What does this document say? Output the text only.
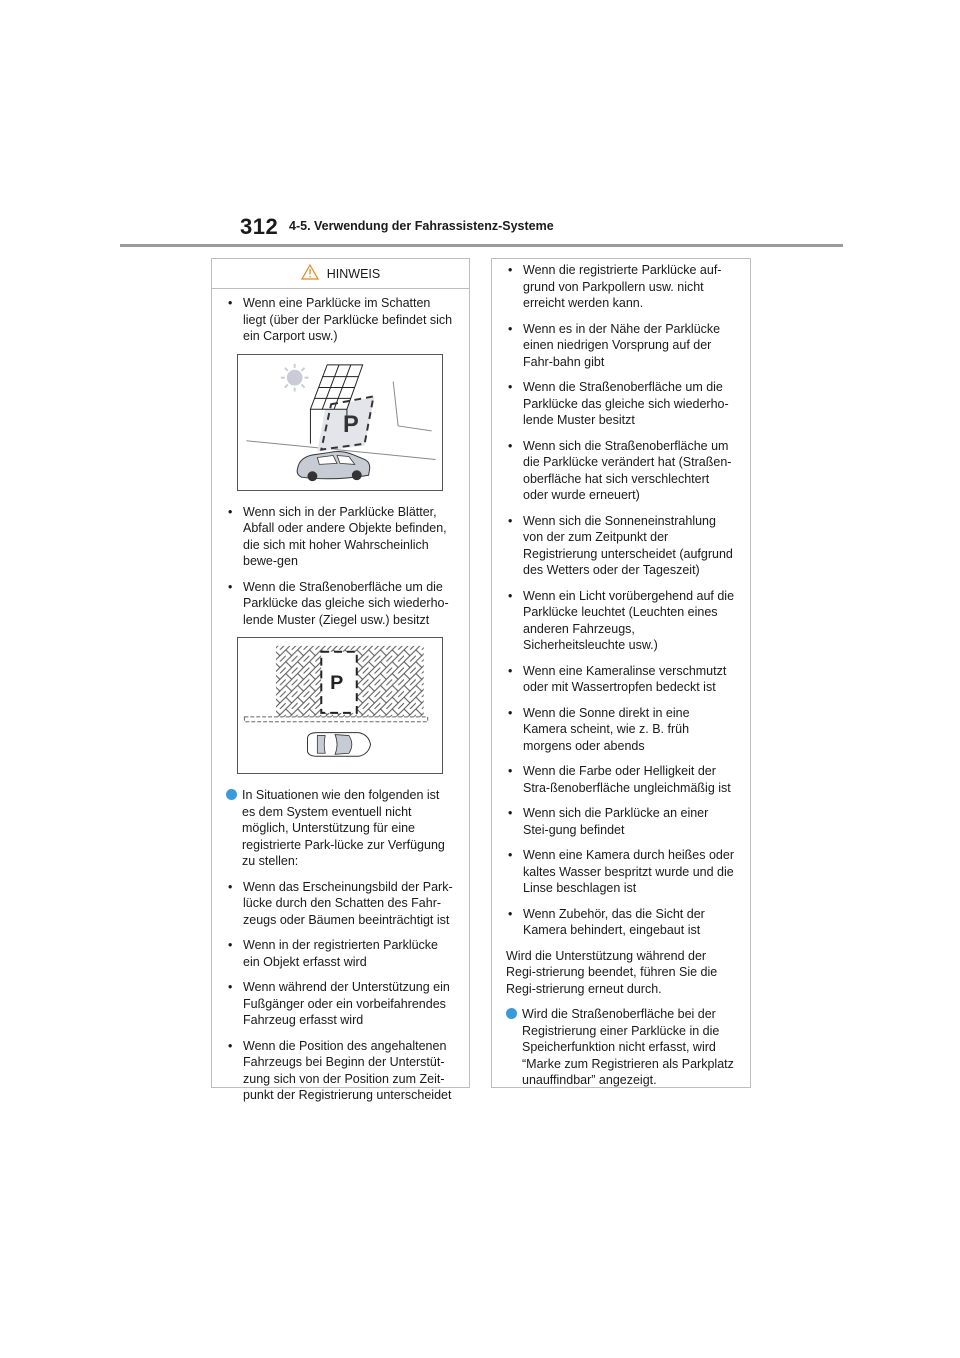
312 4-5. Verwendung der Fahrassistenz-Systeme
HINWEIS
• Wenn eine Parklücke im Schatten liegt (über der Parklücke befindet sich ein Carport usw.)
P
• Wenn sich in der Parklücke Blätter, Abfall oder andere Objekte befinden, die sich mit hoher Wahrscheinlich bewe-gen
• Wenn die Straßenoberfläche um die Parklücke das gleiche sich wiederho-lende Muster (Ziegel usw.) besitzt
P
In Situationen wie den folgenden ist es dem System eventuell nicht möglich, Unterstützung für eine registrierte Park-lücke zur Verfügung zu stellen:
• Wenn das Erscheinungsbild der Park-lücke durch den Schatten des Fahr-zeugs oder Bäumen beeinträchtigt ist
• Wenn in der registrierten Parklücke ein Objekt erfasst wird
• Wenn während der Unterstützung ein Fußgänger oder ein vorbeifahrendes Fahrzeug erfasst wird
• Wenn die Position des angehaltenen Fahrzeugs bei Beginn der Unterstüt-zung sich von der Position zum Zeit-punkt der Registrierung unterscheidet
• Wenn die registrierte Parklücke auf-grund von Parkpollern usw. nicht erreicht werden kann.
• Wenn es in der Nähe der Parklücke einen niedrigen Vorsprung auf der Fahr-bahn gibt
• Wenn die Straßenoberfläche um die Parklücke das gleiche sich wiederho-lende Muster besitzt
• Wenn sich die Straßenoberfläche um die Parklücke verändert hat (Straßen-oberfläche hat sich verschlechtert oder wurde erneuert)
• Wenn sich die Sonneneinstrahlung von der zum Zeitpunkt der Registrierung unterscheidet (aufgrund des Wetters oder der Tageszeit)
• Wenn ein Licht vorübergehend auf die Parklücke leuchtet (Leuchten eines anderen Fahrzeugs, Sicherheitsleuchte usw.)
• Wenn eine Kameralinse verschmutzt oder mit Wassertropfen bedeckt ist
• Wenn die Sonne direkt in eine Kamera scheint, wie z. B. früh morgens oder abends
• Wenn die Farbe oder Helligkeit der Stra-ßenoberfläche ungleichmäßig ist
• Wenn sich die Parklücke an einer Stei-gung befindet
• Wenn eine Kamera durch heißes oder kaltes Wasser bespritzt wurde und die Linse beschlagen ist
• Wenn Zubehör, das die Sicht der Kamera behindert, eingebaut ist
Wird die Unterstützung während der Regi-strierung beendet, führen Sie die Regi-strierung erneut durch.
Wird die Straßenoberfläche bei der Registrierung einer Parklücke in die Speicherfunktion nicht erfasst, wird “Marke zum Registrieren als Parkplatz unauffindbar” angezeigt.
